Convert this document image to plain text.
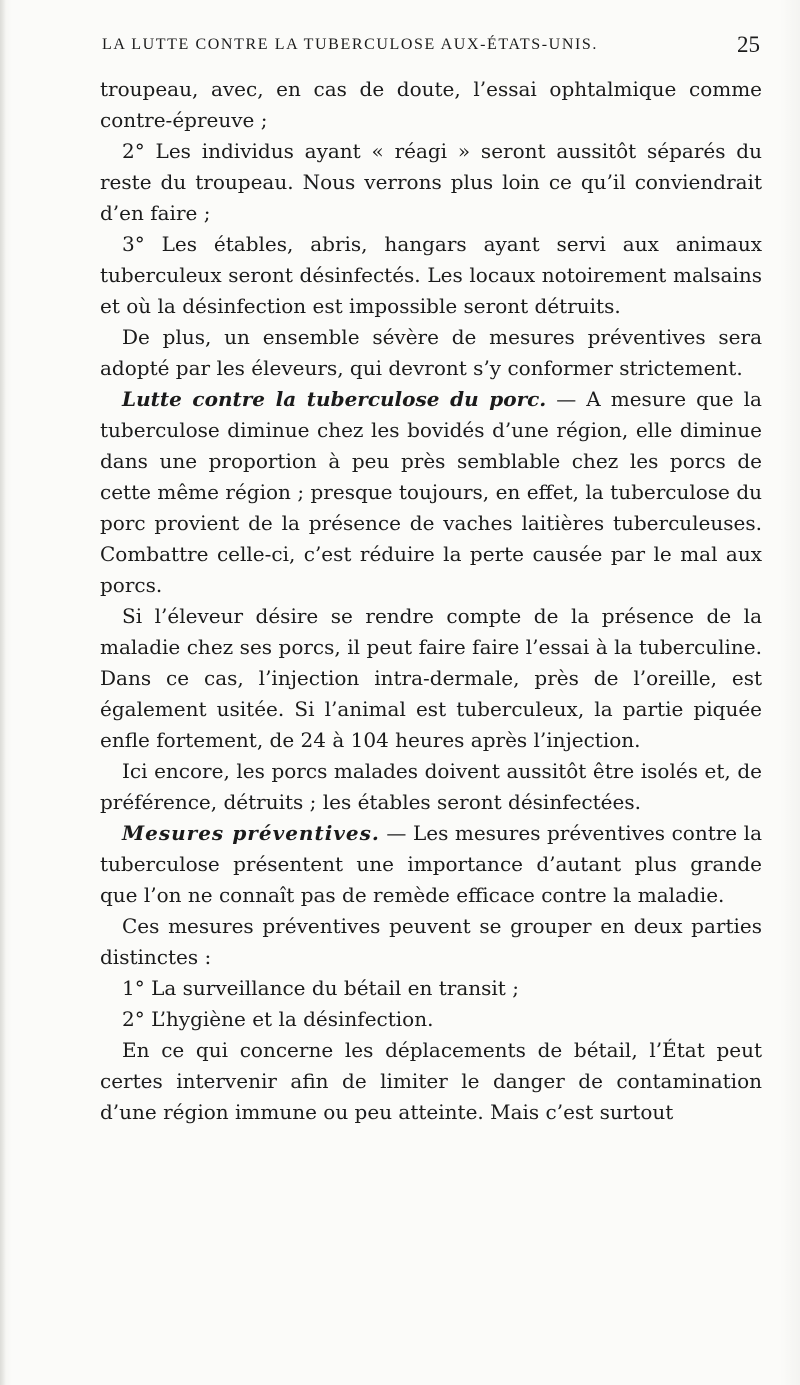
LA LUTTE CONTRE LA TUBERCULOSE AUX-ÉTATS-UNIS.	25

troupeau, avec, en cas de doute, l’essai ophtalmique comme contre-épreuve ;

2° Les individus ayant « réagi » seront aussitôt séparés du reste du troupeau. Nous verrons plus loin ce qu’il conviendrait d’en faire ;

3° Les étables, abris, hangars ayant servi aux animaux tuberculeux seront désinfectés. Les locaux notoirement malsains et où la désinfection est impossible seront détruits.

De plus, un ensemble sévère de mesures préventives sera adopté par les éleveurs, qui devront s’y conformer strictement.

Lutte contre la tuberculose du porc. — A mesure que la tuberculose diminue chez les bovidés d’une région, elle diminue dans une proportion à peu près semblable chez les porcs de cette même région ; presque toujours, en effet, la tuberculose du porc provient de la présence de vaches laitières tuberculeuses. Combattre celle-ci, c’est réduire la perte causée par le mal aux porcs.

Si l’éleveur désire se rendre compte de la présence de la maladie chez ses porcs, il peut faire faire l’essai à la tuberculine. Dans ce cas, l’injection intra-dermale, près de l’oreille, est également usitée. Si l’animal est tuberculeux, la partie piquée enfle fortement, de 24 à 104 heures après l’injection.

Ici encore, les porcs malades doivent aussitôt être isolés et, de préférence, détruits ; les étables seront désinfectées.

Mesures préventives. — Les mesures préventives contre la tuberculose présentent une importance d’autant plus grande que l’on ne connaît pas de remède efficace contre la maladie.

Ces mesures préventives peuvent se grouper en deux parties distinctes :

1° La surveillance du bétail en transit ;

2° L’hygiène et la désinfection.

En ce qui concerne les déplacements de bétail, l’État peut certes intervenir afin de limiter le danger de contamination d’une région immune ou peu atteinte. Mais c’est surtout
